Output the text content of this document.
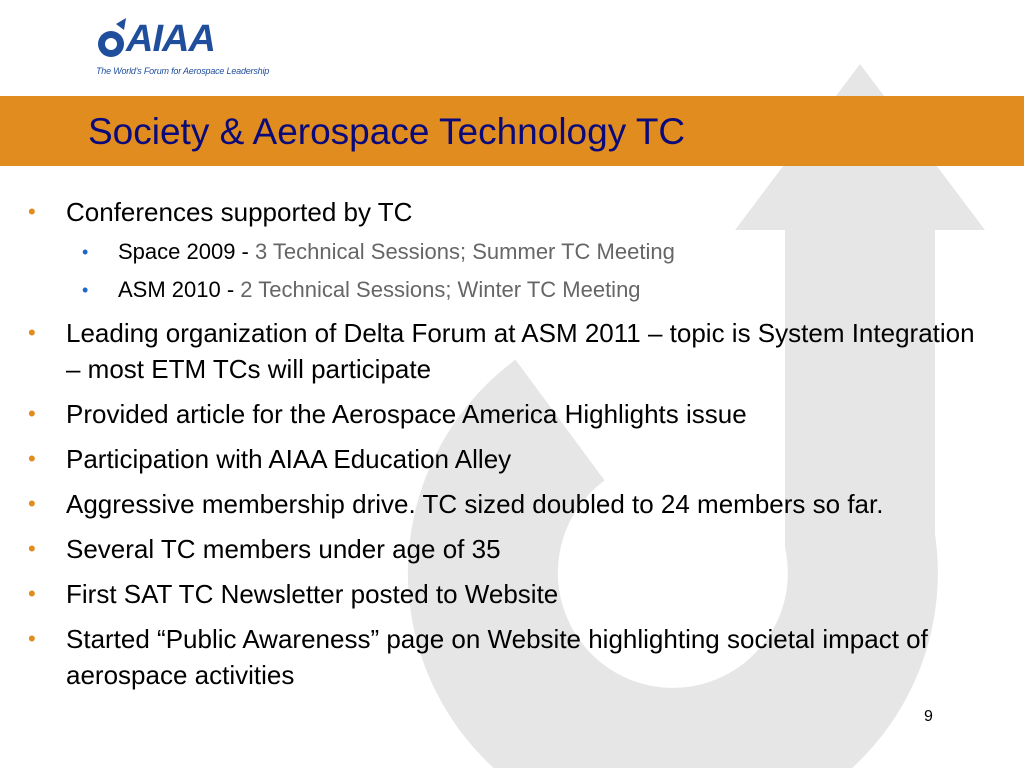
AIAA
The World's Forum for Aerospace Leadership
Society & Aerospace Technology TC
• Conferences supported by TC
• Space 2009 - 3 Technical Sessions; Summer TC Meeting
• ASM 2010 - 2 Technical Sessions; Winter TC Meeting
• Leading organization of Delta Forum at ASM 2011 – topic is System Integration – most ETM TCs will participate
• Provided article for the Aerospace America Highlights issue
• Participation with AIAA Education Alley
• Aggressive membership drive. TC sized doubled to 24 members so far.
• Several TC members under age of 35
• First SAT TC Newsletter posted to Website
• Started “Public Awareness” page on Website highlighting societal impact of aerospace activities
9
